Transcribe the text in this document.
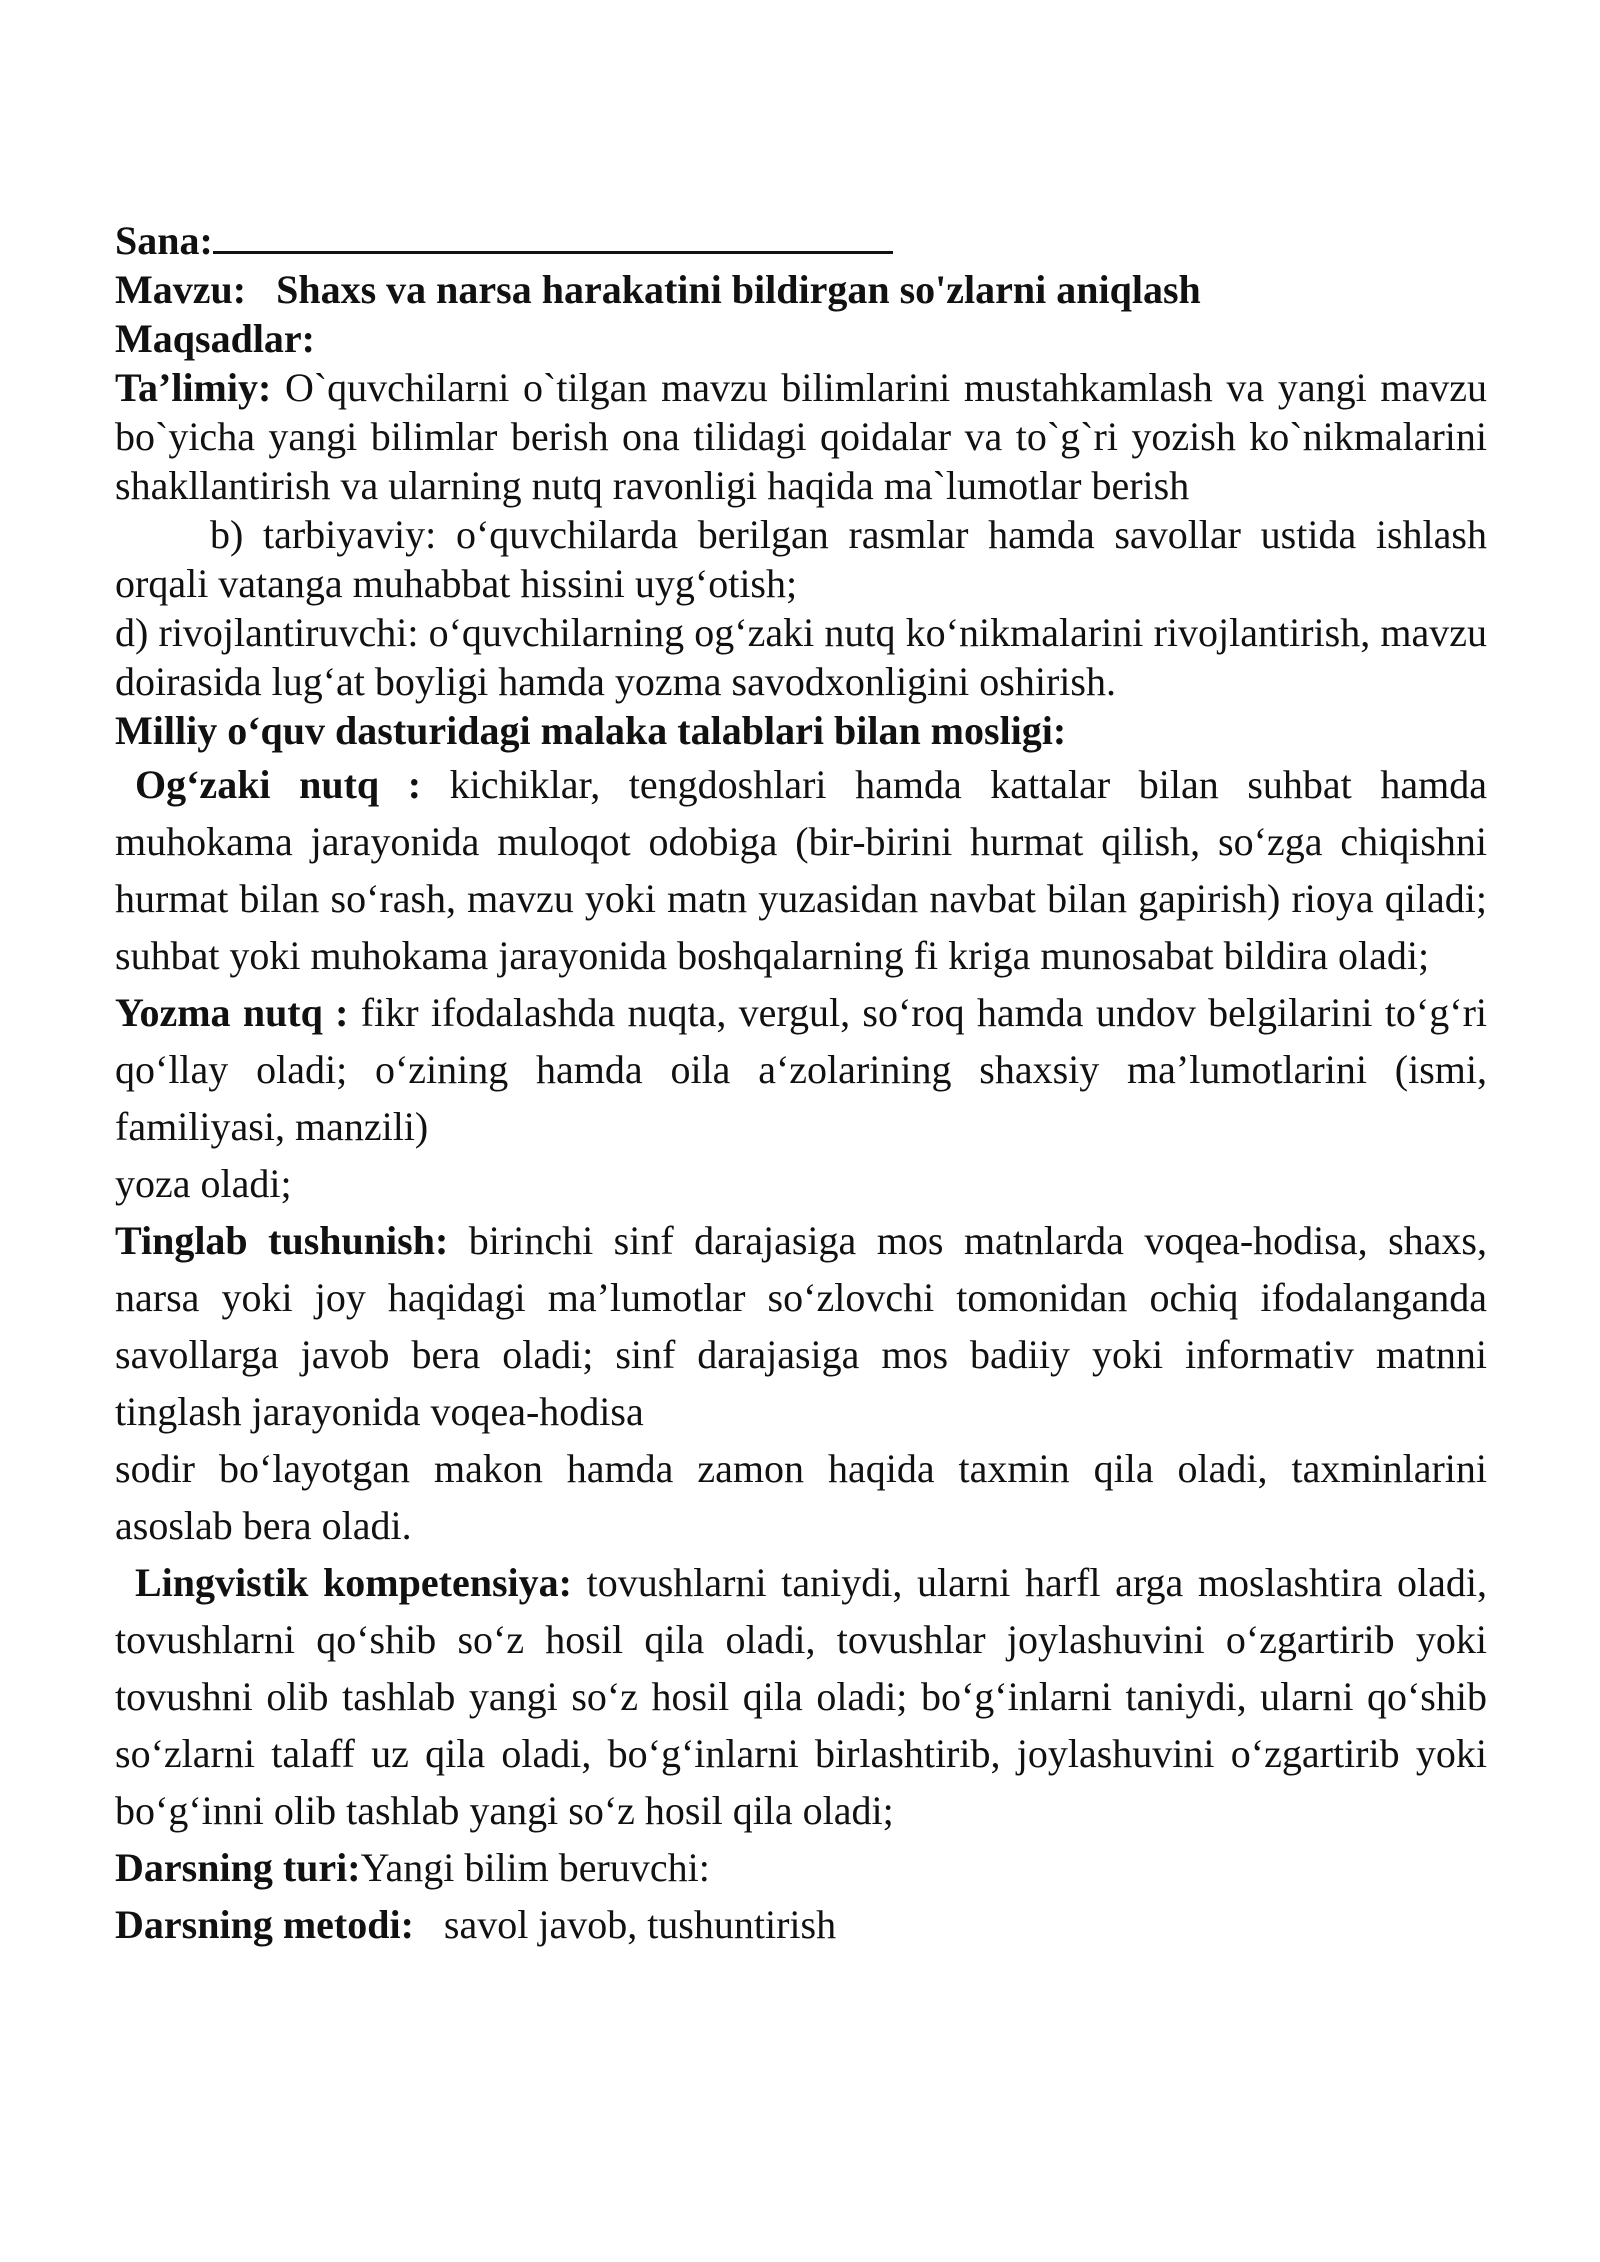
Sana:

Mavzu: Shaxs va narsa harakatini bildirgan so'zlarni aniqlash

Maqsadlar:

Ta’limiy: O`quvchilarni o`tilgan mavzu bilimlarini mustahkamlash va yangi mavzu bo`yicha yangi bilimlar berish ona tilidagi qoidalar va to`g`ri yozish ko`nikmalarini shakllantirish va ularning nutq ravonligi haqida ma`lumotlar berish

b) tarbiyaviy: o‘quvchilarda berilgan rasmlar hamda savollar ustida ishlash orqali vatanga muhabbat hissini uyg‘otish;

d) rivojlantiruvchi: o‘quvchilarning og‘zaki nutq ko‘nikmalarini rivojlantirish, mavzu doirasida lug‘at boyligi hamda yozma savodxonligini oshirish.

Milliy o‘quv dasturidagi malaka talablari bilan mosligi:

Og‘zaki nutq : kichiklar, tengdoshlari hamda kattalar bilan suhbat hamda muhokama jarayonida muloqot odobiga (bir-birini hurmat qilish, so‘zga chiqishni hurmat bilan so‘rash, mavzu yoki matn yuzasidan navbat bilan gapirish) rioya qiladi; suhbat yoki muhokama jarayonida boshqalarning fi kriga munosabat bildira oladi;

Yozma nutq : fikr ifodalashda nuqta, vergul, so‘roq hamda undov belgilarini to‘g‘ri qo‘llay oladi; o‘zining hamda oila a‘zolarining shaxsiy ma’lumotlarini (ismi, familiyasi, manzili)

yoza oladi;

Tinglab tushunish: birinchi sinf darajasiga mos matnlarda voqea-hodisa, shaxs, narsa yoki joy haqidagi ma’lumotlar so‘zlovchi tomonidan ochiq ifodalanganda savollarga javob bera oladi; sinf darajasiga mos badiiy yoki informativ matnni tinglash jarayonida voqea-hodisa

sodir bo‘layotgan makon hamda zamon haqida taxmin qila oladi, taxminlarini asoslab bera oladi.

Lingvistik kompetensiya: tovushlarni taniydi, ularni harfl arga moslashtira oladi, tovushlarni qo‘shib so‘z hosil qila oladi, tovushlar joylashuvini o‘zgartirib yoki tovushni olib tashlab yangi so‘z hosil qila oladi; bo‘g‘inlarni taniydi, ularni qo‘shib so‘zlarni talaff uz qila oladi, bo‘g‘inlarni birlashtirib, joylashuvini o‘zgartirib yoki bo‘g‘inni olib tashlab yangi so‘z hosil qila oladi;

Darsning turi:Yangi bilim beruvchi:

Darsning metodi:   savol javob, tushuntirish
